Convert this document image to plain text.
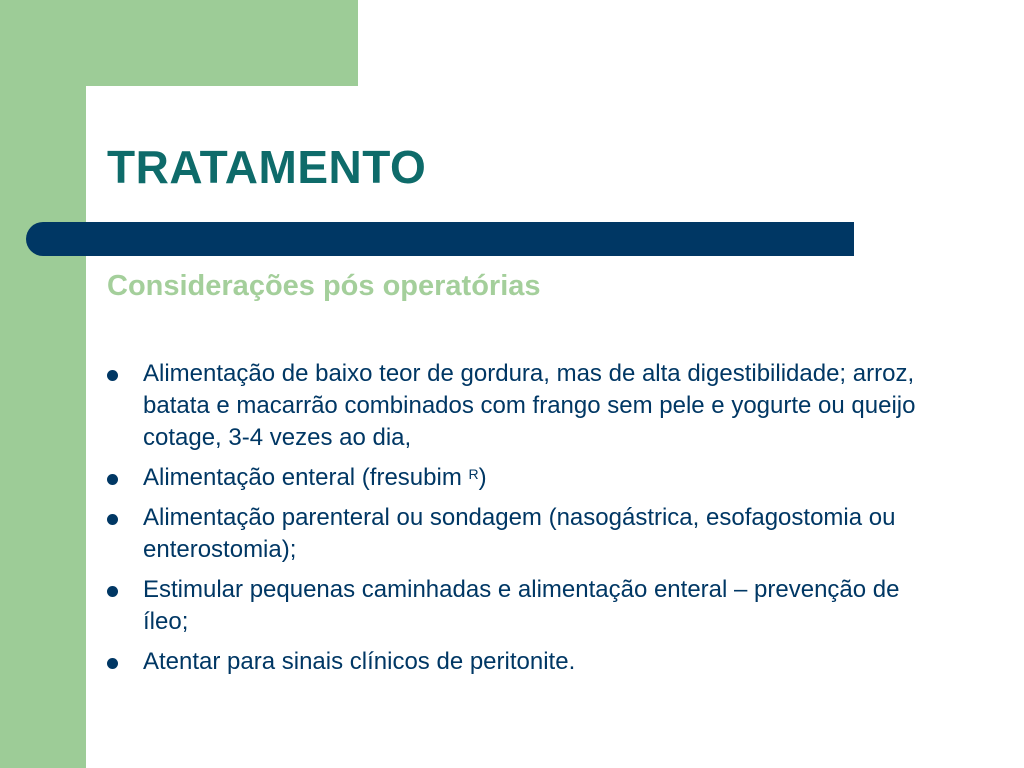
TRATAMENTO
Considerações pós operatórias
Alimentação de baixo teor de gordura, mas de alta digestibilidade; arroz, batata e macarrão combinados com frango sem pele e yogurte ou queijo cotage, 3-4 vezes ao dia,
Alimentação enteral (fresubim $^R$)
Alimentação parenteral ou sondagem (nasogástrica, esofagostomia ou enterostomia);
Estimular pequenas caminhadas e alimentação enteral – prevenção de íleo;
Atentar para sinais clínicos de peritonite.
